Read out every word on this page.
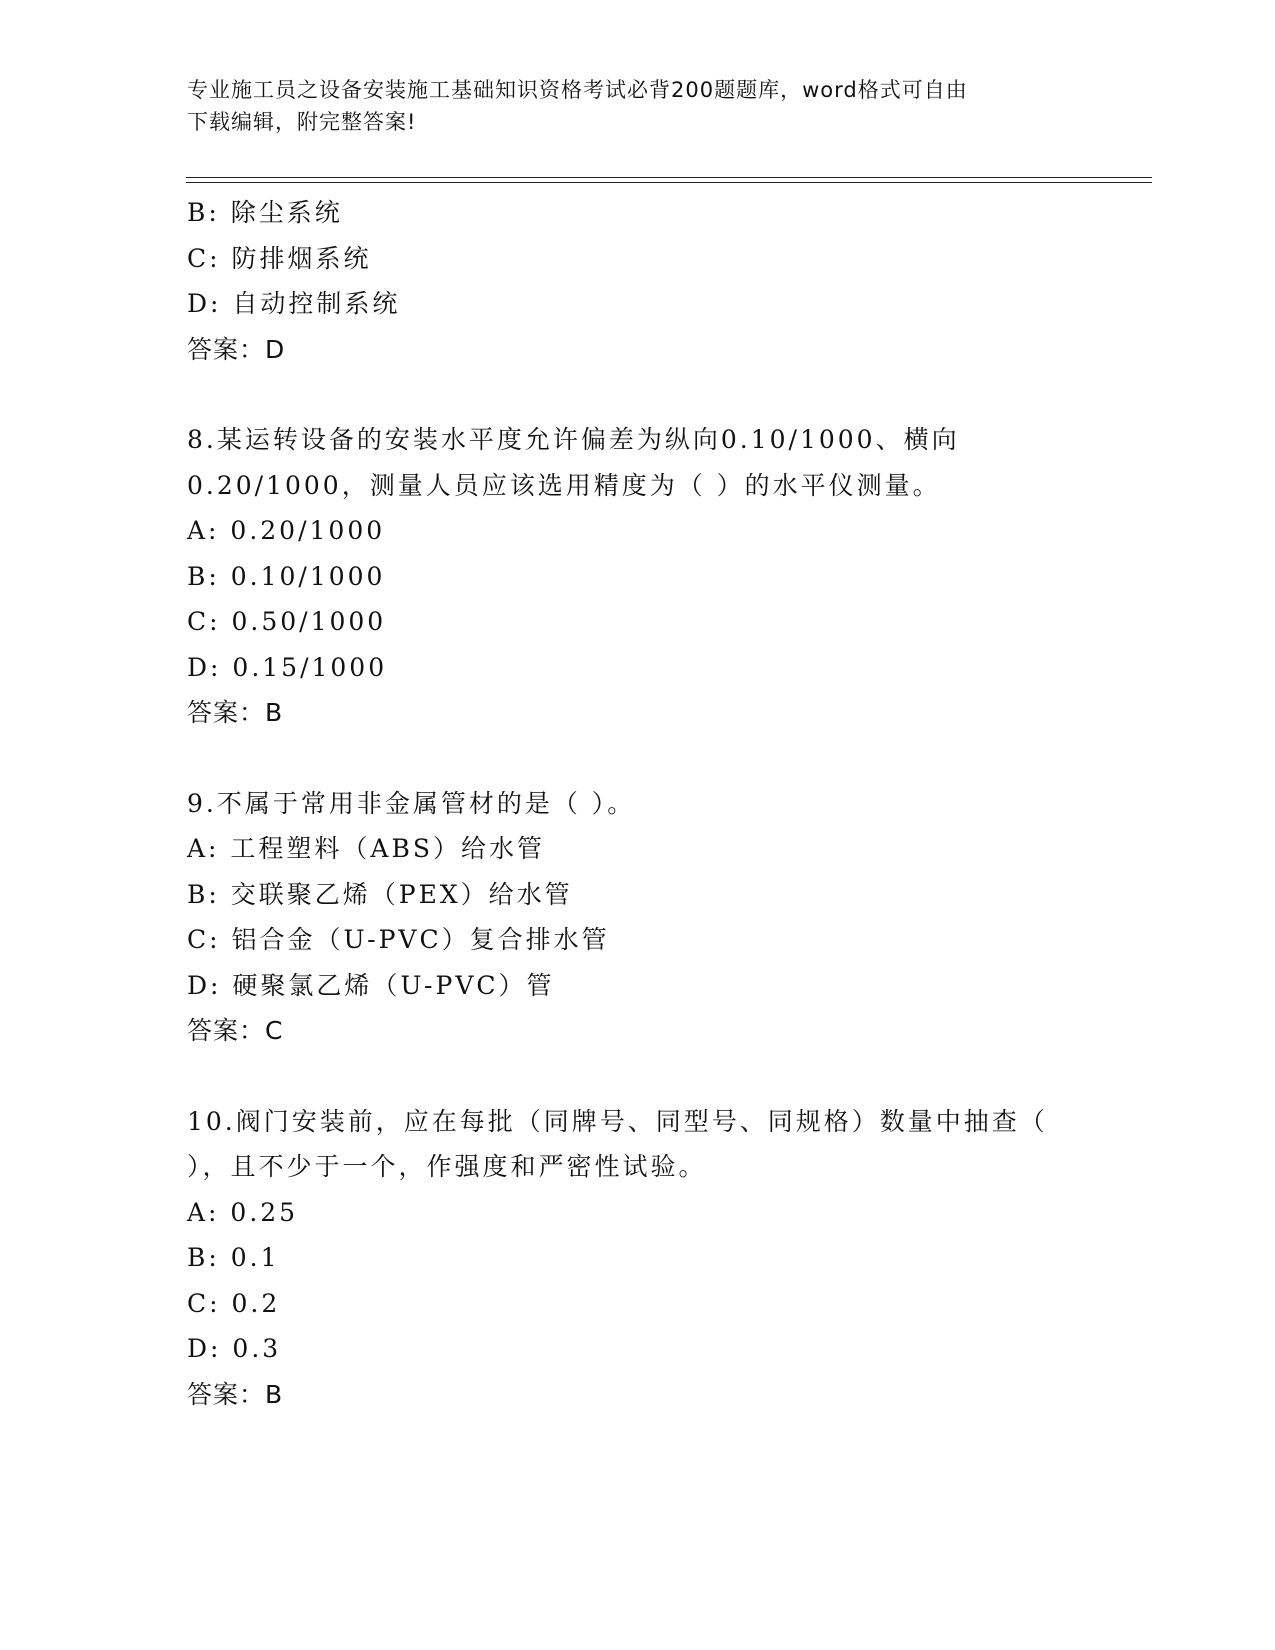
专业施工员之设备安装施工基础知识资格考试必背200题题库，word格式可自由
下载编辑，附完整答案!
B: 除尘系统
C: 防排烟系统
D: 自动控制系统
答案：D
8.某运转设备的安装水平度允许偏差为纵向0.10/1000、横向
0.20/1000，测量人员应该选用精度为（ ）的水平仪测量。
A: 0.20/1000
B: 0.10/1000
C: 0.50/1000
D: 0.15/1000
答案：B
9.不属于常用非金属管材的是（ ）。
A: 工程塑料（ABS）给水管
B: 交联聚乙烯（PEX）给水管
C: 铝合金（U-PVC）复合排水管
D: 硬聚氯乙烯（U-PVC）管
答案：C
10.阀门安装前，应在每批（同牌号、同型号、同规格）数量中抽查（
），且不少于一个，作强度和严密性试验。
A: 0.25
B: 0.1
C: 0.2
D: 0.3
答案：B
